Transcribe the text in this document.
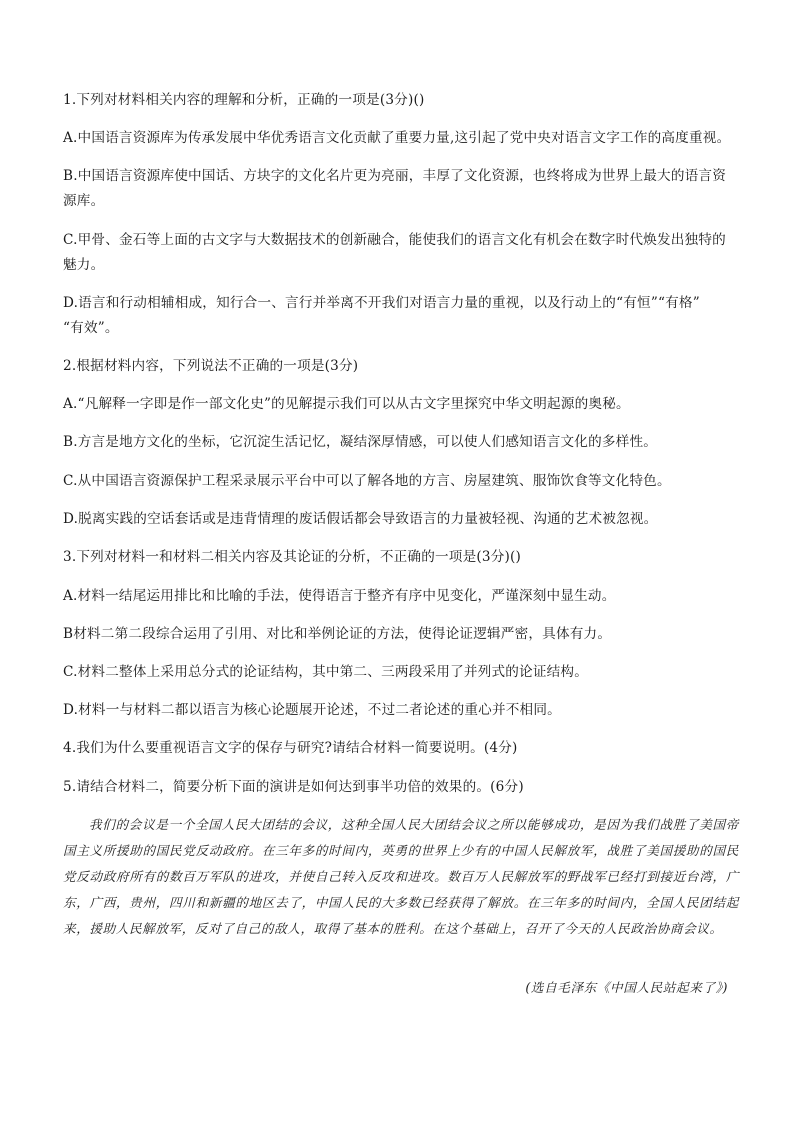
1.下列对材料相关内容的理解和分析，正确的一项是(3分)()
A.中国语言资源库为传承发展中华优秀语言文化贡献了重要力量,这引起了党中央对语言文字工作的高度重视。
B.中国语言资源库使中国话、方块字的文化名片更为亮丽，丰厚了文化资源，也终将成为世界上最大的语言资
源库。
C.甲骨、金石等上面的古文字与大数据技术的创新融合，能使我们的语言文化有机会在数字时代焕发出独特的
魅力。
D.语言和行动相辅相成，知行合一、言行并举离不开我们对语言力量的重视，以及行动上的“有恒”“有格”
“有效”。
2.根据材料内容，下列说法不正确的一项是(3分)
A.“凡解释一字即是作一部文化史”的见解提示我们可以从古文字里探究中华文明起源的奥秘。
B.方言是地方文化的坐标，它沉淀生活记忆，凝结深厚情感，可以使人们感知语言文化的多样性。
C.从中国语言资源保护工程采录展示平台中可以了解各地的方言、房屋建筑、服饰饮食等文化特色。
D.脱离实践的空话套话或是违背情理的废话假话都会导致语言的力量被轻视、沟通的艺术被忽视。
3.下列对材料一和材料二相关内容及其论证的分析，不正确的一项是(3分)()
A.材料一结尾运用排比和比喻的手法，使得语言于整齐有序中见变化，严谨深刻中显生动。
B材料二第二段综合运用了引用、对比和举例论证的方法，使得论证逻辑严密，具体有力。
C.材料二整体上采用总分式的论证结构，其中第二、三两段采用了并列式的论证结构。
D.材料一与材料二都以语言为核心论题展开论述，不过二者论述的重心并不相同。
4.我们为什么要重视语言文字的保存与研究?请结合材料一简要说明。(4分)
5.请结合材料二，简要分析下面的演讲是如何达到事半功倍的效果的。(6分)
我们的会议是一个全国人民大团结的会议，这种全国人民大团结会议之所以能够成功，是因为我们战胜了美国帝国主义所援助的国民党反动政府。在三年多的时间内，英勇的世界上少有的中国人民解放军，战胜了美国援助的国民党反动政府所有的数百万军队的进攻，并使自己转入反攻和进攻。数百万人民解放军的野战军已经打到接近台湾，广东，广西，贵州，四川和新疆的地区去了，中国人民的大多数已经获得了解放。在三年多的时间内，全国人民团结起来，援助人民解放军，反对了自己的敌人，取得了基本的胜利。在这个基础上，召开了今天的人民政治协商会议。
(选自毛泽东《中国人民站起来了》)
